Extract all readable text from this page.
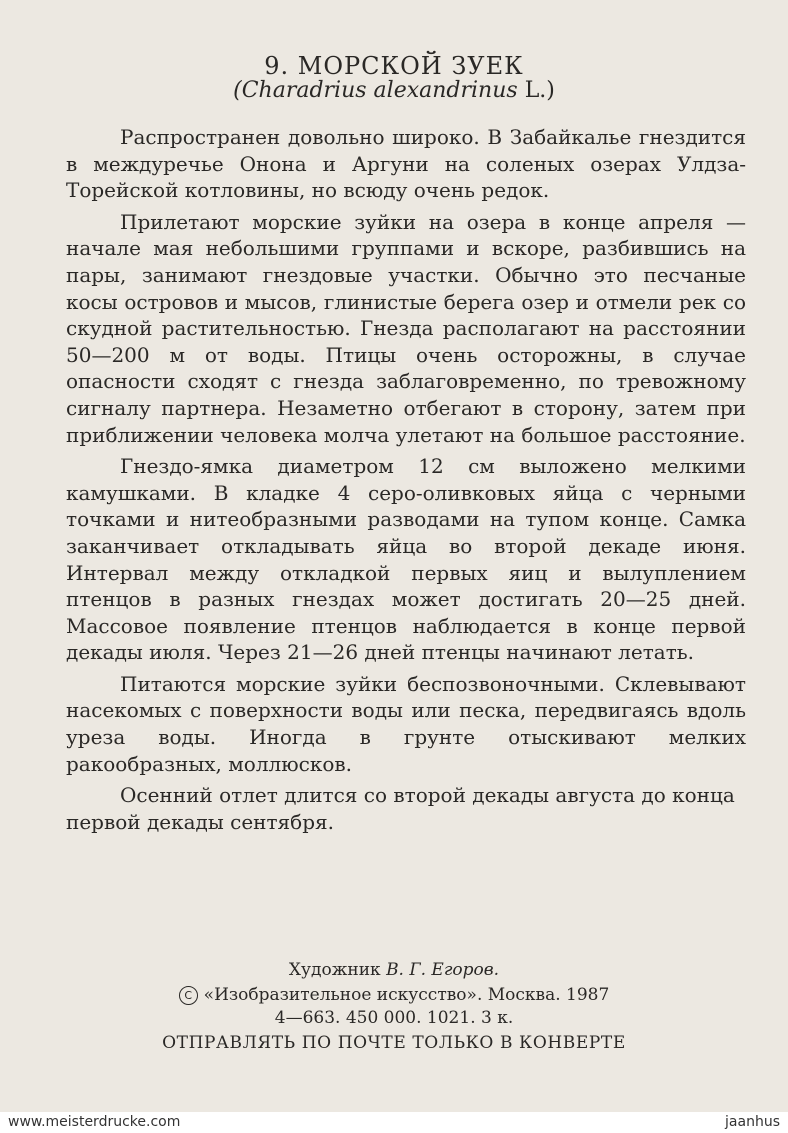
9. МОРСКОЙ ЗУЕК
(Charadrius alexandrinus L.)

Распространен довольно широко. В Забайкалье гнездится в междуречье Онона и Аргуни на соленых озерах Улдза-Торейской котловины, но всюду очень редок.

Прилетают морские зуйки на озера в конце апреля — начале мая небольшими группами и вскоре, разбившись на пары, занимают гнездовые участки. Обычно это песчаные косы островов и мысов, глинистые берега озер и отмели рек со скудной растительностью. Гнезда располагают на расстоянии 50—200 м от воды. Птицы очень осторожны, в случае опасности сходят с гнезда заблаговременно, по тревожному сигналу партнера. Незаметно отбегают в сторону, затем при приближении человека молча улетают на большое расстояние.

Гнездо-ямка диаметром 12 см выложено мелкими камушками. В кладке 4 серо-оливковых яйца с черными точками и нитеобразными разводами на тупом конце. Самка заканчивает откладывать яйца во второй декаде июня. Интервал между откладкой первых яиц и вылуплением птенцов в разных гнездах может достигать 20—25 дней. Массовое появление птенцов наблюдается в конце первой декады июля. Через 21—26 дней птенцы начинают летать.

Питаются морские зуйки беспозвоночными. Склевывают насекомых с поверхности воды или песка, передвигаясь вдоль уреза воды. Иногда в грунте отыскивают мелких ракообразных, моллюсков.

Осенний отлет длится со второй декады августа до конца первой декады сентября.

Художник В. Г. Егоров.
C «Изобразительное искусство». Москва. 1987
4—663. 450 000. 1021. 3 к.
ОТПРАВЛЯТЬ ПО ПОЧТЕ ТОЛЬКО В КОНВЕРТЕ
www.meisterdrucke.com	jaanhus
